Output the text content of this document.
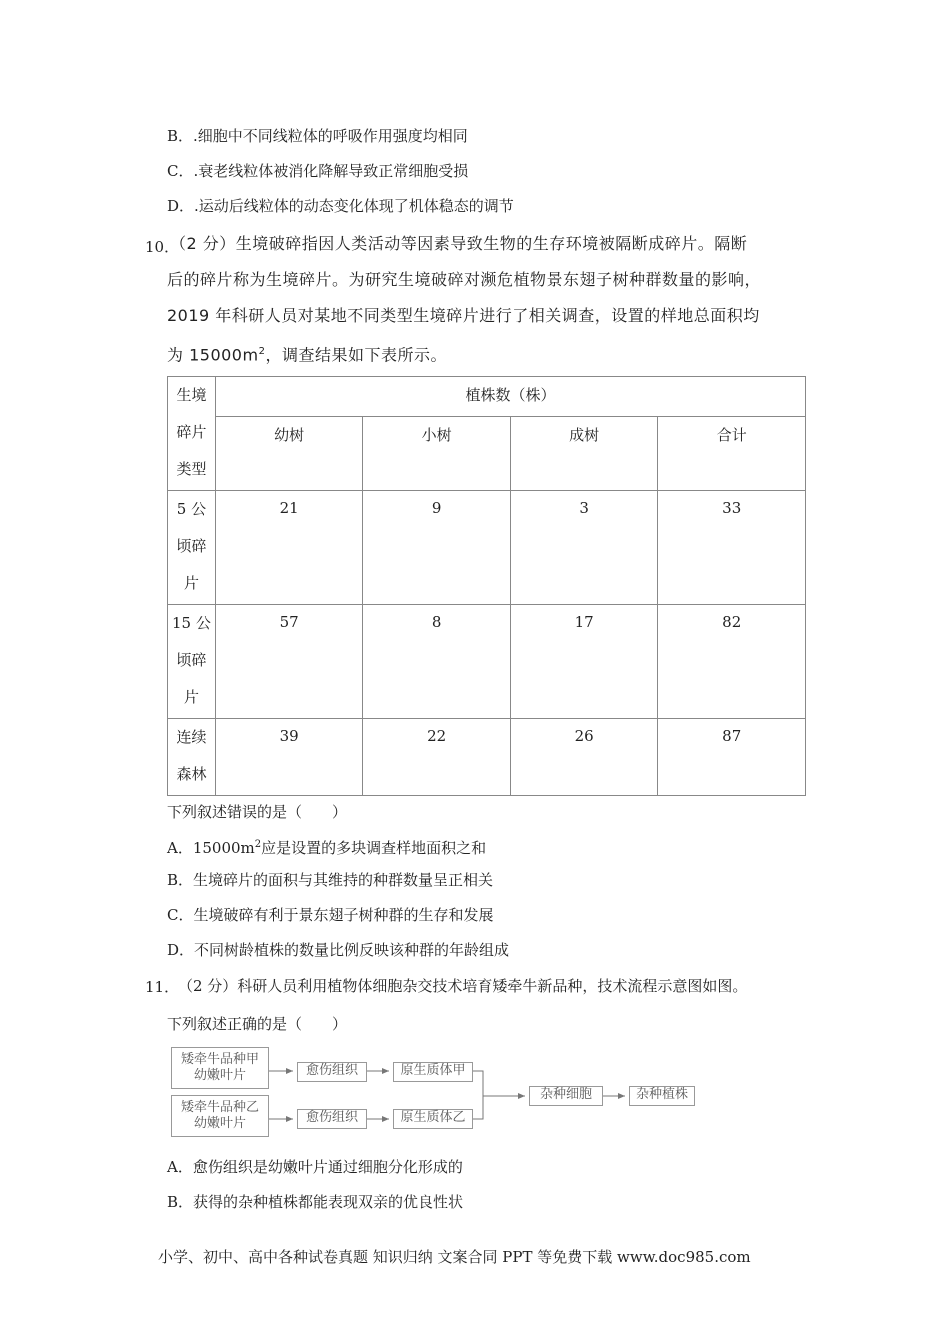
B．.细胞中不同线粒体的呼吸作用强度均相同
C．.衰老线粒体被消化降解导致正常细胞受损
D．.运动后线粒体的动态变化体现了机体稳态的调节
10．
（2 分）生境破碎指因人类活动等因素导致生物的生存环境被隔断成碎片。隔断
后的碎片称为生境碎片。为研究生境破碎对濒危植物景东翅子树种群数量的影响，
2019 年科研人员对某地不同类型生境碎片进行了相关调查，设置的样地总面积均
为 $15000m^2$，调查结果如下表所示。
生境
碎片
类型	植株数（株）			
	幼树	小树	成树	合计

5 公
顷碎
片	21	9	3	33

15 公
顷碎
片	57	8	17	82

连续
森林	39	22	26	87
下列叙述错误的是（　　）
A．$15000m^2$应是设置的多块调查样地面积之和
B．生境碎片的面积与其维持的种群数量呈正相关
C．生境破碎有利于景东翅子树种群的生存和发展
D．不同树龄植株的数量比例反映该种群的年龄组成
11．
（2 分）科研人员利用植物体细胞杂交技术培育矮牵牛新品种，技术流程示意图如图。
下列叙述正确的是（　　）
矮牵牛品种甲
幼嫩叶片	愈伤组织	原生质体甲
矮牵牛品种乙
幼嫩叶片	愈伤组织	原生质体乙
杂种细胞	杂种植株
A．愈伤组织是幼嫩叶片通过细胞分化形成的
B．获得的杂种植株都能表现双亲的优良性状
小学、初中、高中各种试卷真题 知识归纳 文案合同 PPT 等免费下载 www.doc985.com
